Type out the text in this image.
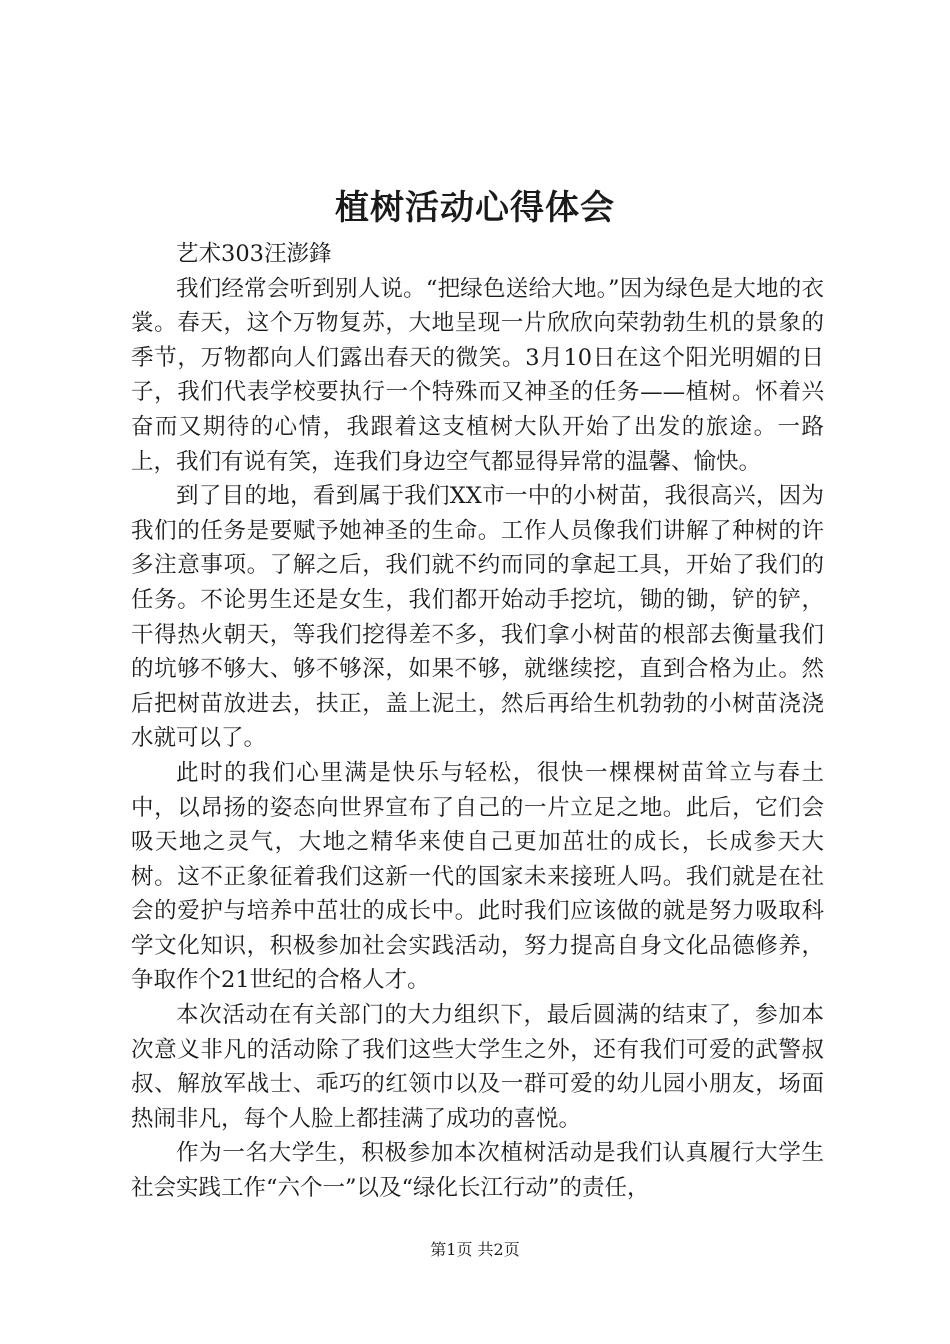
植树活动心得体会

艺术303汪澎鋒

我们经常会听到别人说。“把绿色送给大地。”因为绿色是大地的衣裳。春天，这个万物复苏，大地呈现一片欣欣向荣勃勃生机的景象的季节，万物都向人们露出春天的微笑。3月10日在这个阳光明媚的日子，我们代表学校要执行一个特殊而又神圣的任务——植树。怀着兴奋而又期待的心情，我跟着这支植树大队开始了出发的旅途。一路上，我们有说有笑，连我们身边空气都显得异常的温馨、愉快。

到了目的地，看到属于我们XX市一中的小树苗，我很高兴，因为我们的任务是要赋予她神圣的生命。工作人员像我们讲解了种树的许多注意事项。了解之后，我们就不约而同的拿起工具，开始了我们的任务。不论男生还是女生，我们都开始动手挖坑，锄的锄，铲的铲，干得热火朝天，等我们挖得差不多，我们拿小树苗的根部去衡量我们的坑够不够大、够不够深，如果不够，就继续挖，直到合格为止。然后把树苗放进去，扶正，盖上泥土，然后再给生机勃勃的小树苗浇浇水就可以了。

此时的我们心里满是快乐与轻松，很快一棵棵树苗耸立与春土中，以昂扬的姿态向世界宣布了自己的一片立足之地。此后，它们会吸天地之灵气，大地之精华来使自己更加茁壮的成长，长成参天大树。这不正象征着我们这新一代的国家未来接班人吗。我们就是在社会的爱护与培养中茁壮的成长中。此时我们应该做的就是努力吸取科学文化知识，积极参加社会实践活动，努力提高自身文化品德修养，争取作个21世纪的合格人才。

本次活动在有关部门的大力组织下，最后圆满的结束了，参加本次意义非凡的活动除了我们这些大学生之外，还有我们可爱的武警叔叔、解放军战士、乖巧的红领巾以及一群可爱的幼儿园小朋友，场面热闹非凡，每个人脸上都挂满了成功的喜悦。

作为一名大学生，积极参加本次植树活动是我们认真履行大学生社会实践工作“六个一”以及“绿化长江行动”的责任，

第1页 共2页
